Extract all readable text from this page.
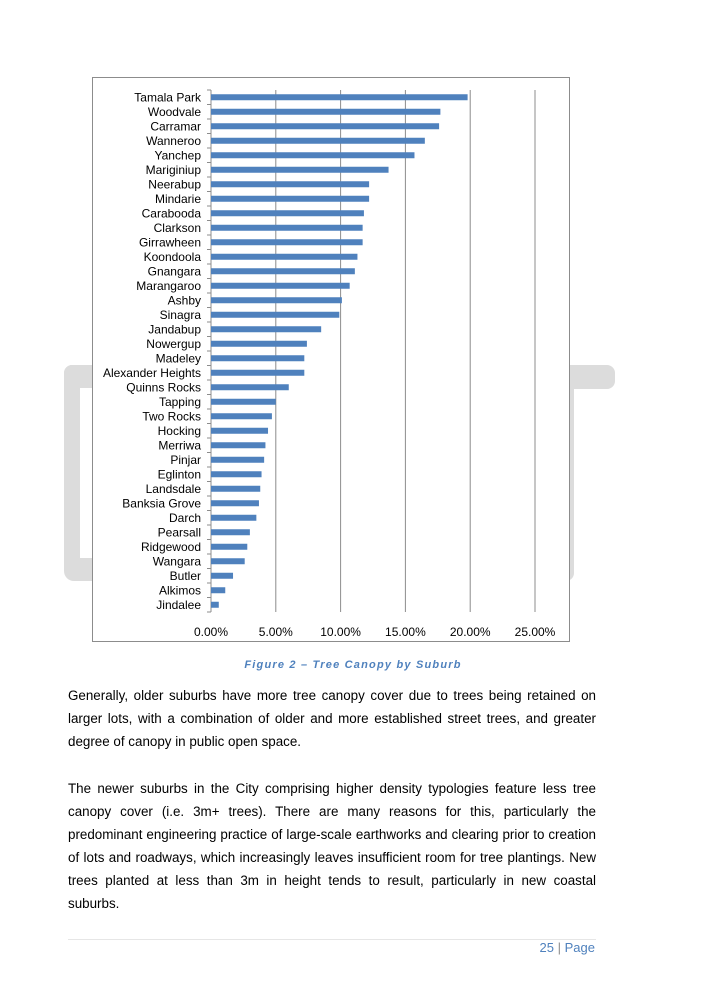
Tamala Park
Woodvale
Carramar
Wanneroo
Yanchep
Mariginiup
Neerabup
Mindarie
Carabooda
Clarkson
Girrawheen
Koondoola
Gnangara
Marangaroo
Ashby
Sinagra
Jandabup
Nowergup
Madeley
Alexander Heights
Quinns Rocks
Tapping
Two Rocks
Hocking
Merriwa
Pinjar
Eglinton
Landsdale
Banksia Grove
Darch
Pearsall
Ridgewood
Wangara
Butler
Alkimos
Jindalee
0.00%	5.00% 10.00% 15.00% 20.00% 25.00%
Figure 2 – Tree Canopy by Suburb

Generally, older suburbs have more tree canopy cover due to trees being retained on larger lots, with a combination of older and more established street trees, and greater degree of canopy in public open space.

The newer suburbs in the City comprising higher density typologies feature less tree canopy cover (i.e. 3m+ trees). There are many reasons for this, particularly the predominant engineering practice of large-scale earthworks and clearing prior to creation of lots and roadways, which increasingly leaves insufficient room for tree plantings. New trees planted at less than 3m in height tends to result, particularly in new coastal suburbs.

25 | Page
